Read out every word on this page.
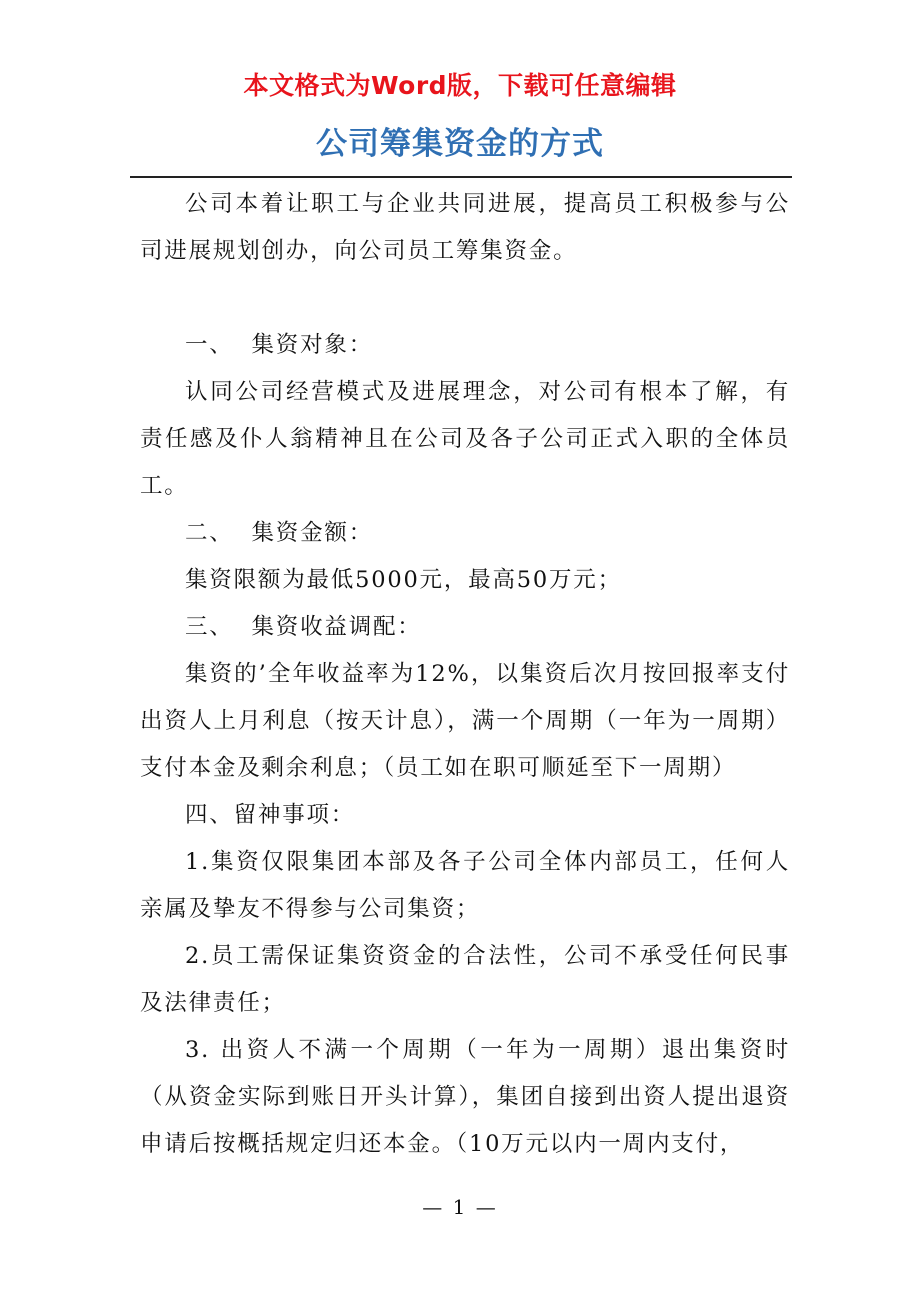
本文格式为Word版，下载可任意编辑
公司筹集资金的方式

公司本着让职工与企业共同进展，提高员工积极参与公司进展规划创办，向公司员工筹集资金。

一、  集资对象：

认同公司经营模式及进展理念，对公司有根本了解，有责任感及仆人翁精神且在公司及各子公司正式入职的全体员工。

二、  集资金额：

集资限额为最低5000元，最高50万元；

三、  集资收益调配：

集资的’全年收益率为12%，以集资后次月按回报率支付出资人上月利息（按天计息），满一个周期（一年为一周期）支付本金及剩余利息；（员工如在职可顺延至下一周期）

四、留神事项：

1.集资仅限集团本部及各子公司全体内部员工，任何人亲属及挚友不得参与公司集资；

2.员工需保证集资资金的合法性，公司不承受任何民事及法律责任；

3. 出资人不满一个周期（一年为一周期）退出集资时（从资金实际到账日开头计算），集团自接到出资人提出退资申请后按概括规定归还本金。（10万元以内一周内支付，

— 1 —
